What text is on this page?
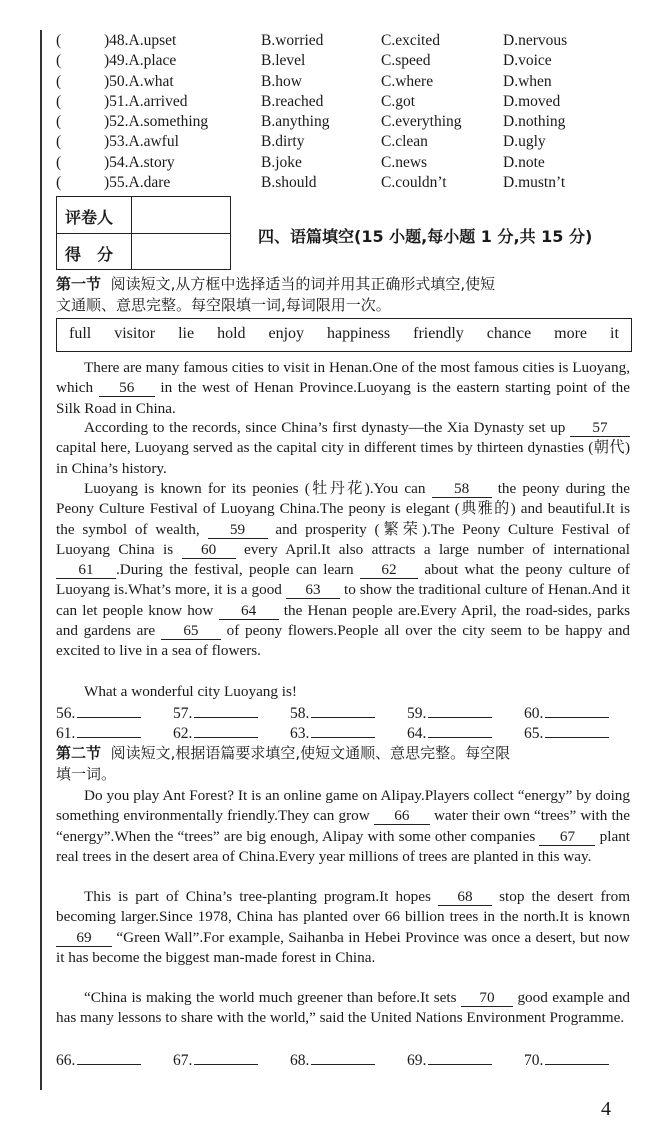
(	)48.A.upset	B.worried	C.excited	D.nervous
(	)49.A.place	B.level	C.speed	D.voice
(	)50.A.what	B.how	C.where	D.when
(	)51.A.arrived	B.reached	C.got	D.moved
(	)52.A.something	B.anything	C.everything	D.nothing
(	)53.A.awful	B.dirty	C.clean	D.ugly
(	)54.A.story	B.joke	C.news	D.note
(	)55.A.dare	B.should	C.couldn’t	D.mustn’t
评卷人
得　分
四、语篇填空(15 小题,每小题 1 分,共 15 分)
第一节 阅读短文,从方框中选择适当的词并用其正确形式填空,使短
文通顺、意思完整。每空限填一词,每词限用一次。
full visitor lie hold enjoy happiness friendly chance more it
There are many famous cities to visit in Henan.One of the most famous cities is Luoyang, which 56 in the west of Henan Province.Luoyang is the eastern starting point of the Silk Road in China.
According to the records, since China’s first dynasty—the Xia Dynasty set up 57 capital here, Luoyang served as the capital city in different times by thirteen dynasties (朝代) in China’s history.
Luoyang is known for its peonies (牡丹花).You can 58 the peony during the Peony Culture Festival of Luoyang China.The peony is elegant (典雅的) and beautiful.It is the symbol of wealth, 59 and prosperity (繁荣).The Peony Culture Festival of Luoyang China is 60 every April.It also attracts a large number of international 61 .During the festival, people can learn 62 about what the peony culture of Luoyang is.What’s more, it is a good 63 to show the traditional culture of Henan.And it can let people know how 64 the Henan people are.Every April, the road-sides, parks and gardens are 65 of peony flowers.People all over the city seem to be happy and excited to live in a sea of flowers.
What a wonderful city Luoyang is!
56.	57.	58.	59.	60.
61.	62.	63.	64.	65.
第二节 阅读短文,根据语篇要求填空,使短文通顺、意思完整。每空限
填一词。
Do you play Ant Forest? It is an online game on Alipay.Players collect “energy” by doing something environmentally friendly.They can grow 66 water their own “trees” with the “energy”.When the “trees” are big enough, Alipay with some other companies 67 plant real trees in the desert area of China.Every year millions of trees are planted in this way.
This is part of China’s tree-planting program.It hopes 68 stop the desert from becoming larger.Since 1978, China has planted over 66 billion trees in the north.It is known 69 “Green Wall”.For example, Saihanba in Hebei Province was once a desert, but now it has become the biggest man-made forest in China.
“China is making the world much greener than before.It sets 70 good example and has many lessons to share with the world,” said the United Nations Environment Programme.
66.	67.	68.	69.	70.
4
